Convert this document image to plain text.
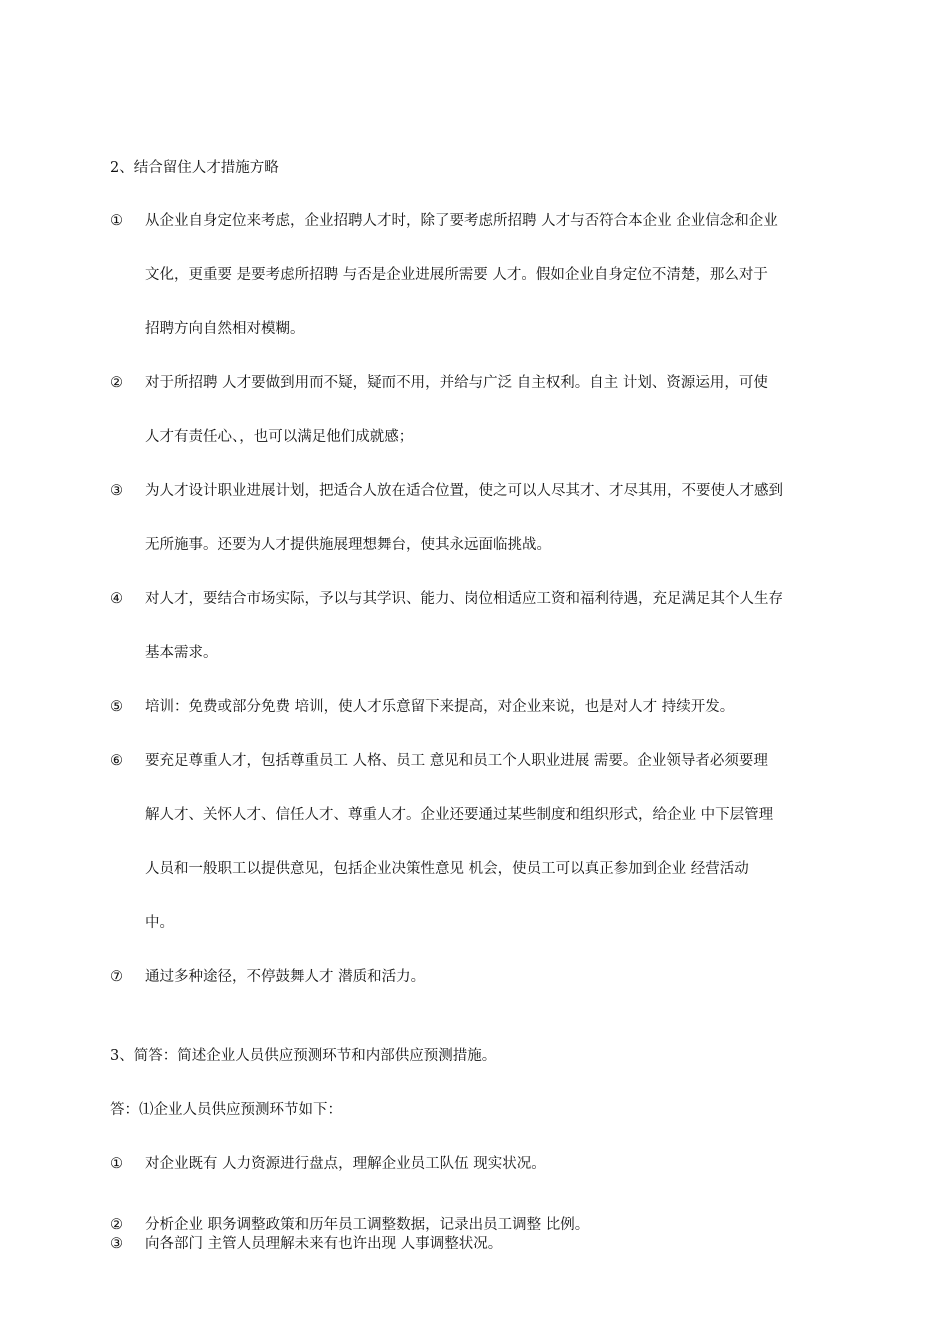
2、结合留住人才措施方略
① 从企业自身定位来考虑，企业招聘人才时，除了要考虑所招聘 人才与否符合本企业 企业信念和企业
文化，更重要 是要考虑所招聘 与否是企业进展所需要 人才。假如企业自身定位不清楚，那么对于
招聘方向自然相对模糊。
② 对于所招聘 人才要做到用而不疑，疑而不用，并给与广泛 自主权利。自主 计划、资源运用，可使
人才有责任心、，也可以满足他们成就感；
③ 为人才设计职业进展计划，把适合人放在适合位置，使之可以人尽其才、才尽其用，不要使人才感到
无所施事。还要为人才提供施展理想舞台，使其永远面临挑战。
④ 对人才，要结合市场实际，予以与其学识、能力、岗位相适应工资和福利待遇，充足满足其个人生存
基本需求。
⑤ 培训：免费或部分免费 培训，使人才乐意留下来提高，对企业来说，也是对人才 持续开发。
⑥ 要充足尊重人才，包括尊重员工 人格、员工 意见和员工个人职业进展 需要。企业领导者必须要理
解人才、关怀人才、信任人才、尊重人才。企业还要通过某些制度和组织形式，给企业 中下层管理
人员和一般职工以提供意见，包括企业决策性意见 机会，使员工可以真正参加到企业 经营活动
中。
⑦ 通过多种途径，不停鼓舞人才 潜质和活力。
3、简答：简述企业人员供应预测环节和内部供应预测措施。
答：⑴企业人员供应预测环节如下：
① 对企业既有 人力资源进行盘点，理解企业员工队伍 现实状况。
② 分析企业 职务调整政策和历年员工调整数据，记录出员工调整 比例。
③ 向各部门 主管人员理解未来有也许出现 人事调整状况。
